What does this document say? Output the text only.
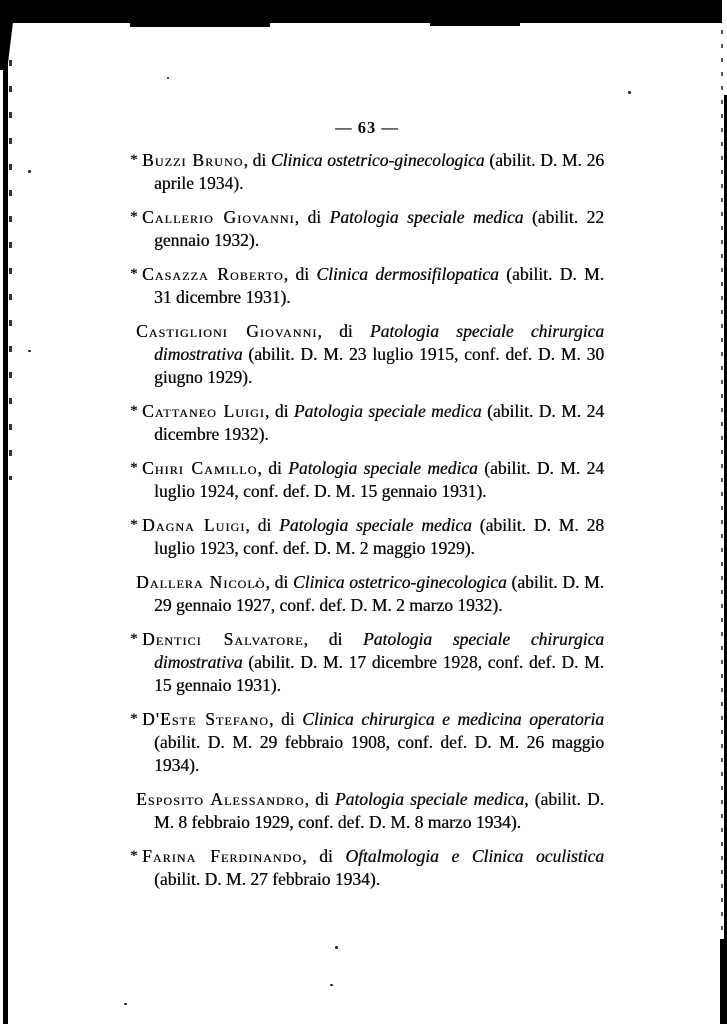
— 63 —

* Buzzi Bruno, di Clinica ostetrico-ginecologica (abilit. D. M. 26 aprile 1934).

* Callerio Giovanni, di Patologia speciale medica (abilit. 22 gennaio 1932).

* Casazza Roberto, di Clinica dermosifilopatica (abilit. D. M. 31 dicembre 1931).

Castiglioni Giovanni, di Patologia speciale chirurgica dimostrativa (abilit. D. M. 23 luglio 1915, conf. def. D. M. 30 giugno 1929).

* Cattaneo Luigi, di Patologia speciale medica (abilit. D. M. 24 dicembre 1932).

* Chiri Camillo, di Patologia speciale medica (abilit. D. M. 24 luglio 1924, conf. def. D. M. 15 gennaio 1931).

* Dagna Luigi, di Patologia speciale medica (abilit. D. M. 28 luglio 1923, conf. def. D. M. 2 maggio 1929).

Dallera Nicolò, di Clinica ostetrico-ginecologica (abilit. D. M. 29 gennaio 1927, conf. def. D. M. 2 marzo 1932).

* Dentici Salvatore, di Patologia speciale chirurgica dimostrativa (abilit. D. M. 17 dicembre 1928, conf. def. D. M. 15 gennaio 1931).

* D'Este Stefano, di Clinica chirurgica e medicina operatoria (abilit. D. M. 29 febbraio 1908, conf. def. D. M. 26 maggio 1934).

Esposito Alessandro, di Patologia speciale medica, (abilit. D. M. 8 febbraio 1929, conf. def. D. M. 8 marzo 1934).

* Farina Ferdinando, di Oftalmologia e Clinica oculistica (abilit. D. M. 27 febbraio 1934).
